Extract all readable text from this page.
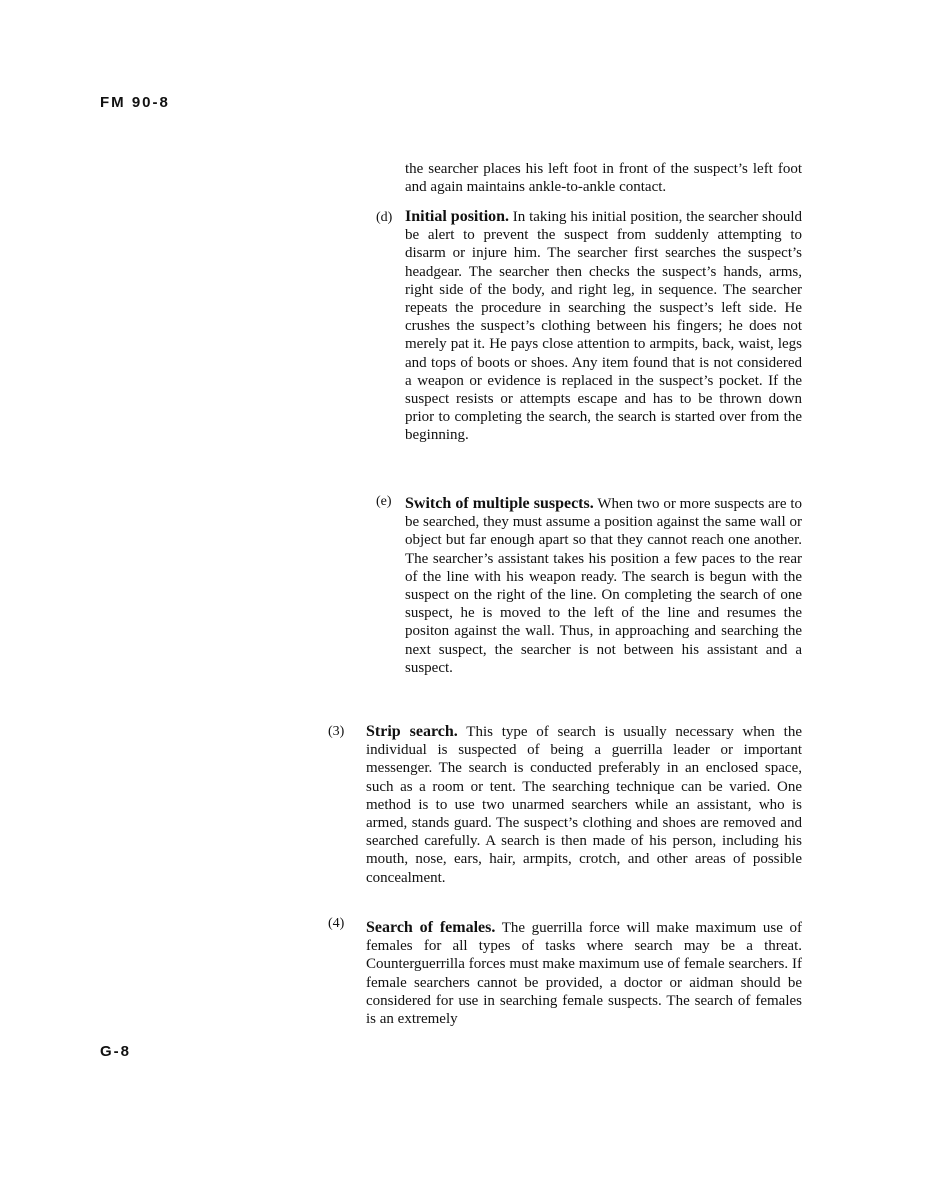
FM 90-8
the searcher places his left foot in front of the suspect’s left foot and again maintains ankle-to-ankle contact.
(d) Initial position. In taking his initial position, the searcher should be alert to prevent the suspect from suddenly attempting to disarm or injure him. The searcher first searches the suspect’s headgear. The searcher then checks the suspect’s hands, arms, right side of the body, and right leg, in sequence. The searcher repeats the procedure in searching the suspect’s left side. He crushes the suspect’s clothing between his fingers; he does not merely pat it. He pays close attention to armpits, back, waist, legs and tops of boots or shoes. Any item found that is not considered a weapon or evidence is replaced in the suspect’s pocket. If the suspect resists or attempts escape and has to be thrown down prior to completing the search, the search is started over from the beginning.
(e) Switch of multiple suspects. When two or more suspects are to be searched, they must assume a position against the same wall or object but far enough apart so that they cannot reach one another. The searcher’s assistant takes his position a few paces to the rear of the line with his weapon ready. The search is begun with the suspect on the right of the line. On completing the search of one suspect, he is moved to the left of the line and resumes the positon against the wall. Thus, in approaching and searching the next suspect, the searcher is not between his assistant and a suspect.
(3) Strip search. This type of search is usually necessary when the individual is suspected of being a guerrilla leader or important messenger. The search is conducted preferably in an enclosed space, such as a room or tent. The searching technique can be varied. One method is to use two unarmed searchers while an assistant, who is armed, stands guard. The suspect’s clothing and shoes are removed and searched carefully. A search is then made of his person, including his mouth, nose, ears, hair, armpits, crotch, and other areas of possible concealment.
(4) Search of females. The guerrilla force will make maximum use of females for all types of tasks where search may be a threat. Counterguerrilla forces must make maximum use of female searchers. If female searchers cannot be provided, a doctor or aidman should be considered for use in searching female suspects. The search of females is an extremely
G-8
